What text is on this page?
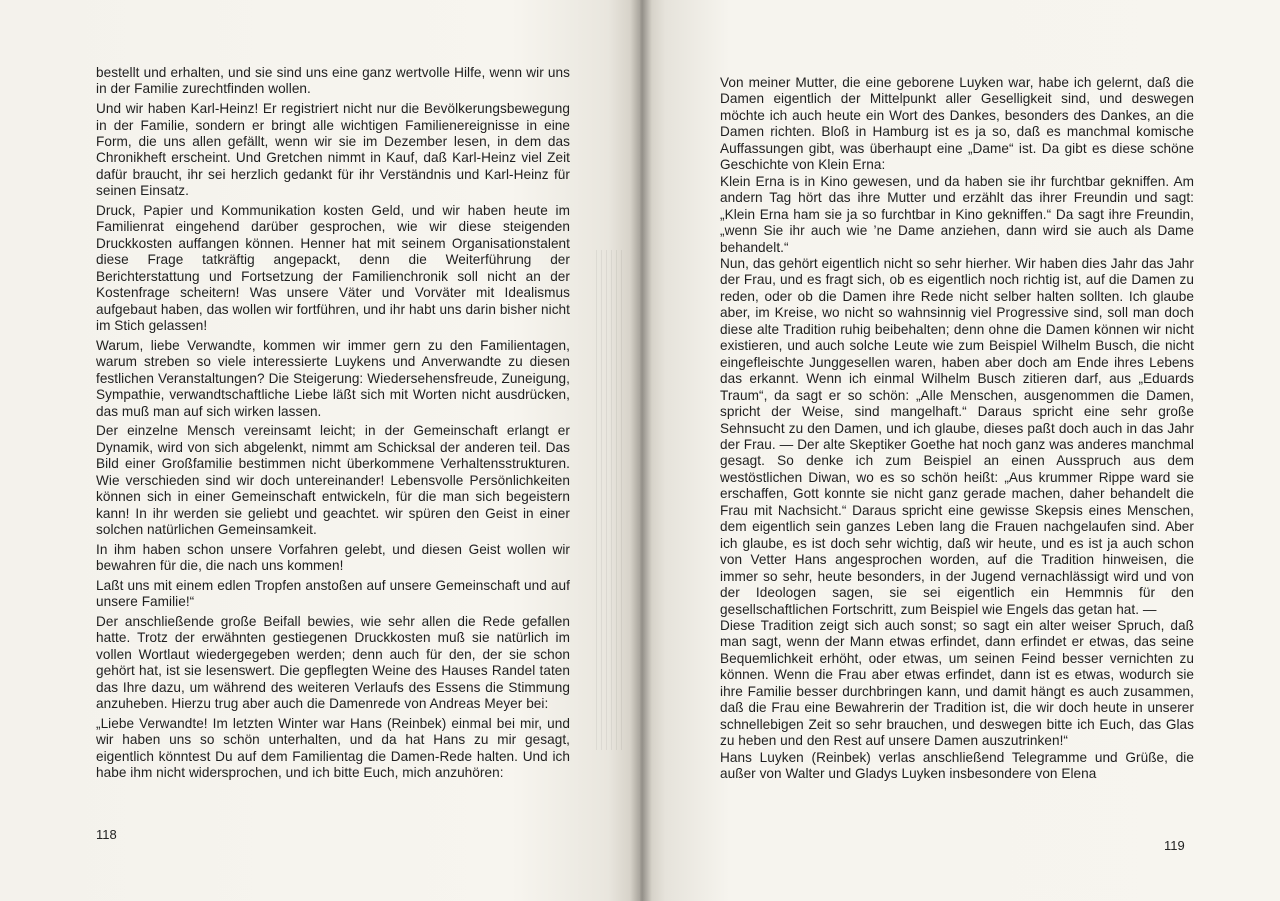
bestellt und erhalten, und sie sind uns eine ganz wertvolle Hilfe, wenn wir uns in der Familie zurechtfinden wollen.

Und wir haben Karl-Heinz! Er registriert nicht nur die Bevölkerungsbewegung in der Familie, sondern er bringt alle wichtigen Familienereignisse in eine Form, die uns allen gefällt, wenn wir sie im Dezember lesen, in dem das Chronikheft erscheint. Und Gretchen nimmt in Kauf, daß Karl-Heinz viel Zeit dafür braucht, ihr sei herzlich gedankt für ihr Verständnis und Karl-Heinz für seinen Einsatz.

Druck, Papier und Kommunikation kosten Geld, und wir haben heute im Familienrat eingehend darüber gesprochen, wie wir diese steigenden Druckkosten auffangen können. Henner hat mit seinem Organisationstalent diese Frage tatkräftig angepackt, denn die Weiterführung der Berichterstattung und Fortsetzung der Familienchronik soll nicht an der Kostenfrage scheitern! Was unsere Väter und Vorväter mit Idealismus aufgebaut haben, das wollen wir fortführen, und ihr habt uns darin bisher nicht im Stich gelassen!

Warum, liebe Verwandte, kommen wir immer gern zu den Familientagen, warum streben so viele interessierte Luykens und Anverwandte zu diesen festlichen Veranstaltungen? Die Steigerung: Wiedersehensfreude, Zuneigung, Sympathie, verwandtschaftliche Liebe läßt sich mit Worten nicht ausdrücken, das muß man auf sich wirken lassen.

Der einzelne Mensch vereinsamt leicht; in der Gemeinschaft erlangt er Dynamik, wird von sich abgelenkt, nimmt am Schicksal der anderen teil. Das Bild einer Großfamilie bestimmen nicht überkommene Verhaltensstrukturen. Wie verschieden sind wir doch untereinander! Lebensvolle Persönlichkeiten können sich in einer Gemeinschaft entwickeln, für die man sich begeistern kann! In ihr werden sie geliebt und geachtet. wir spüren den Geist in einer solchen natürlichen Gemeinsamkeit.

In ihm haben schon unsere Vorfahren gelebt, und diesen Geist wollen wir bewahren für die, die nach uns kommen!

Laßt uns mit einem edlen Tropfen anstoßen auf unsere Gemeinschaft und auf unsere Familie!“

Der anschließende große Beifall bewies, wie sehr allen die Rede gefallen hatte. Trotz der erwähnten gestiegenen Druckkosten muß sie natürlich im vollen Wortlaut wiedergegeben werden; denn auch für den, der sie schon gehört hat, ist sie lesenswert. Die gepflegten Weine des Hauses Randel taten das Ihre dazu, um während des weiteren Verlaufs des Essens die Stimmung anzuheben. Hierzu trug aber auch die Damenrede von Andreas Meyer bei:

„Liebe Verwandte! Im letzten Winter war Hans (Reinbek) einmal bei mir, und wir haben uns so schön unterhalten, und da hat Hans zu mir gesagt, eigentlich könntest Du auf dem Familientag die Damen-Rede halten. Und ich habe ihm nicht widersprochen, und ich bitte Euch, mich anzuhören:

118

Von meiner Mutter, die eine geborene Luyken war, habe ich gelernt, daß die Damen eigentlich der Mittelpunkt aller Geselligkeit sind, und deswegen möchte ich auch heute ein Wort des Dankes, besonders des Dankes, an die Damen richten. Bloß in Hamburg ist es ja so, daß es manchmal komische Auffassungen gibt, was überhaupt eine „Dame“ ist. Da gibt es diese schöne Geschichte von Klein Erna:

Klein Erna is in Kino gewesen, und da haben sie ihr furchtbar gekniffen. Am andern Tag hört das ihre Mutter und erzählt das ihrer Freundin und sagt: „Klein Erna ham sie ja so furchtbar in Kino gekniffen.“ Da sagt ihre Freundin, „wenn Sie ihr auch wie ’ne Dame anziehen, dann wird sie auch als Dame behandelt.“

Nun, das gehört eigentlich nicht so sehr hierher. Wir haben dies Jahr das Jahr der Frau, und es fragt sich, ob es eigentlich noch richtig ist, auf die Damen zu reden, oder ob die Damen ihre Rede nicht selber halten sollten. Ich glaube aber, im Kreise, wo nicht so wahnsinnig viel Progressive sind, soll man doch diese alte Tradition ruhig beibehalten; denn ohne die Damen können wir nicht existieren, und auch solche Leute wie zum Beispiel Wilhelm Busch, die nicht eingefleischte Junggesellen waren, haben aber doch am Ende ihres Lebens das erkannt. Wenn ich einmal Wilhelm Busch zitieren darf, aus „Eduards Traum“, da sagt er so schön: „Alle Menschen, ausgenommen die Damen, spricht der Weise, sind mangelhaft.“ Daraus spricht eine sehr große Sehnsucht zu den Damen, und ich glaube, dieses paßt doch auch in das Jahr der Frau. — Der alte Skeptiker Goethe hat noch ganz was anderes manchmal gesagt. So denke ich zum Beispiel an einen Ausspruch aus dem westöstlichen Diwan, wo es so schön heißt: „Aus krummer Rippe ward sie erschaffen, Gott konnte sie nicht ganz gerade machen, daher behandelt die Frau mit Nachsicht.“ Daraus spricht eine gewisse Skepsis eines Menschen, dem eigentlich sein ganzes Leben lang die Frauen nachgelaufen sind. Aber ich glaube, es ist doch sehr wichtig, daß wir heute, und es ist ja auch schon von Vetter Hans angesprochen worden, auf die Tradition hinweisen, die immer so sehr, heute besonders, in der Jugend vernachlässigt wird und von der Ideologen sagen, sie sei eigentlich ein Hemmnis für den gesellschaftlichen Fortschritt, zum Beispiel wie Engels das getan hat. —

Diese Tradition zeigt sich auch sonst; so sagt ein alter weiser Spruch, daß man sagt, wenn der Mann etwas erfindet, dann erfindet er etwas, das seine Bequemlichkeit erhöht, oder etwas, um seinen Feind besser vernichten zu können. Wenn die Frau aber etwas erfindet, dann ist es etwas, wodurch sie ihre Familie besser durchbringen kann, und damit hängt es auch zusammen, daß die Frau eine Bewahrerin der Tradition ist, die wir doch heute in unserer schnellebigen Zeit so sehr brauchen, und deswegen bitte ich Euch, das Glas zu heben und den Rest auf unsere Damen auszutrinken!“

Hans Luyken (Reinbek) verlas anschließend Telegramme und Grüße, die außer von Walter und Gladys Luyken insbesondere von Elena

119
